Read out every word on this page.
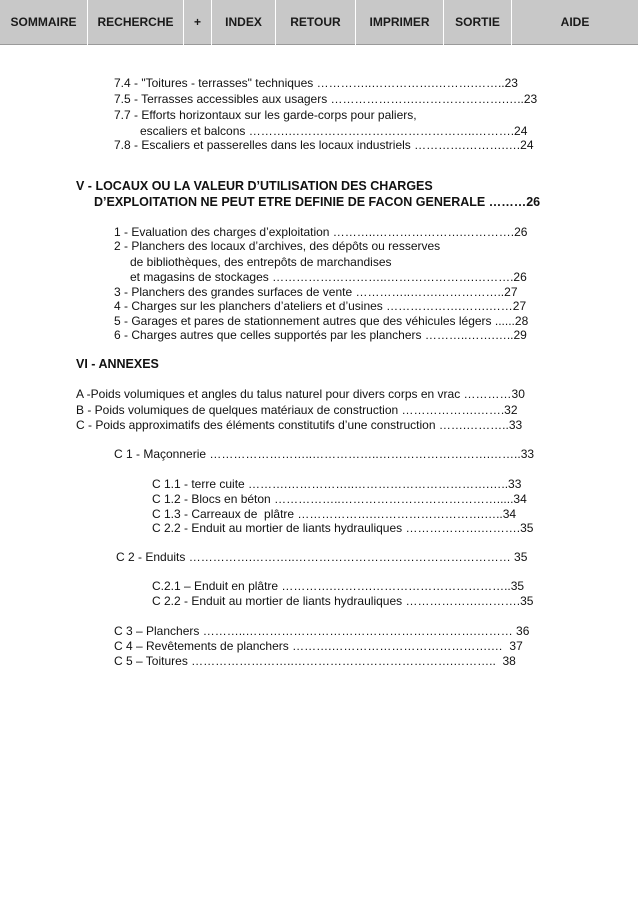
SOMMAIRE	RECHERCHE	+	INDEX	RETOUR	IMPRIMER	SORTIE	AIDE
7.4 - "Toitures - terrasses" techniques …………..…………….……….……..23
7.5 - Terrasses accessibles aux usagers ………………….………………….…..23
7.7 - Efforts horizontaux sur les garde-corps pour paliers,
escaliers et balcons ……….………………………………………..……….24
7.8 - Escaliers et passerelles dans les locaux industriels ………….……….….24
V - LOCAUX OU LA VALEUR D’UTILISATION DES CHARGES
D’EXPLOITATION NE PEUT ETRE DEFINIE DE FACON GENERALE ………26
1 - Evaluation des charges d’exploitation ………..………………….………….26
2 - Planchers des locaux d’archives, des dépôts ou resserves
de bibliothèques, des entrepôts de marchandises
et magasins de stockages ………………………..………………….……….26
3 - Planchers des grandes surfaces de vente …………..…….……………..27
4 - Charges sur les planchers d’ateliers et d’usines ……………….…….……27
5 - Garages et pares de stationnement autres que des véhicules légers ......28
6 - Charges autres que celles supportés par les planchers ………..…….…..29
VI - ANNEXES
A -Poids volumiques et angles du talus naturel pour divers corps en vrac …………30
B - Poids volumiques de quelques matériaux de construction ……………….…….32
C - Poids approximatifs des éléments constitutifs d’une construction …….………..33
C 1 - Maçonnerie ……………………..……………..……………………….……..33
C 1.1 - terre cuite ……….……………..…………………………….…..33
C 1.2 - Blocs en béton ……………..………………………………….....34
C 1.3 - Carreaux de  plâtre ……………….……………………….…..34
C 2.2 - Enduit au mortier de liants hydrauliques ……………….……….35
C 2 - Enduits …………….………..……………………………………………… 35
C.2.1 – Enduit en plâtre ………….……….……………………………..35
C 2.2 - Enduit au mortier de liants hydrauliques ……………….……….35
C 3 – Planchers ………..………………………………………………….……… 36
C 4 – Revêtements de planchers ……….………………………………….…  37
C 5 – Toitures ……………………..………………………………….………..  38
